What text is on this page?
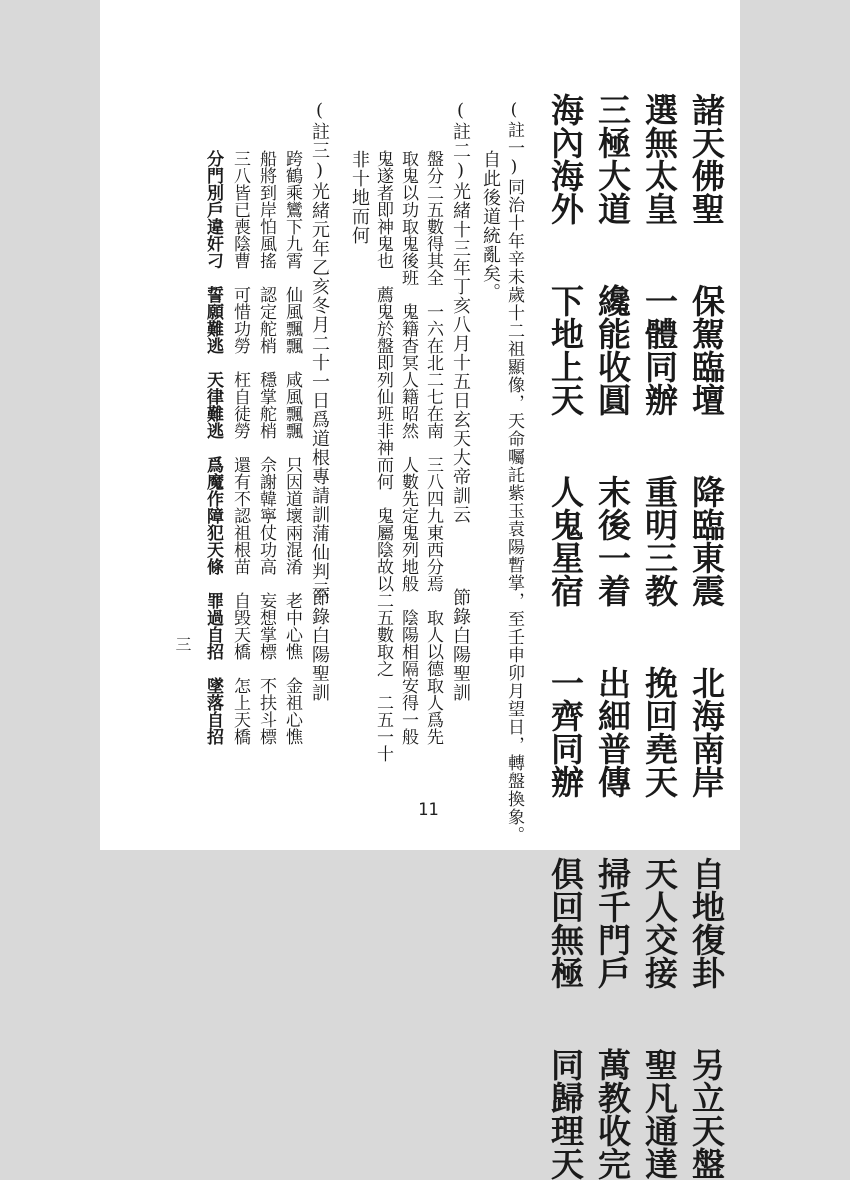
諸天佛聖 保駕臨壇 降臨東震 北海南岸 自地復卦 另立天盤
選無太皇 一體同辦 重明三教 挽回堯天 天人交接 聖凡通達
三極大道 纔能收圓 末後一着 出細普傳 掃千門戶 萬教收完
海內海外 下地上天 人鬼星宿 一齊同辦 俱回無極 同歸理天
(註一)同治十年辛未歲十二祖顯像，天命囑託紫玉袁陽暫掌，至壬申卯月望日，轉盤換象。
自此後道統亂矣。
(註二)光緒十三年丁亥八月十五日玄天大帝訓云
節錄白陽聖訓
盤分二五數得其全　一六在北二七在南　三八四九東西分焉　取人以德取人爲先
取鬼以功取鬼後班　鬼籍杳冥人籍昭然　人數先定鬼列地般　陰陽相隔安得一般
鬼遂者即神鬼也　薦鬼於盤即列仙班非神而何　鬼屬陰故以二五數取之　二五一十
非十地而何
(註三)光緒元年乙亥冬月二十一日爲道根專請訓蒲仙判云
節錄白陽聖訓
跨鶴乘鸞下九霄　仙風飄飄　咸風飄飄　只因道壞兩混淆　老中心憔　金祖心憔
船將到岸怕風搖　認定舵梢　穩掌舵梢　佘謝韓寧仗功高　妄想掌標　不扶斗標
三八皆已喪陰曹　可惜功勞　枉自徒勞　還有不認祖根苗　自毁天橋　怎上天橋
分門別戶違奸刁　誓願難逃　天律難逃　爲魔作障犯天條　罪過自招　墜落自招
三
11
